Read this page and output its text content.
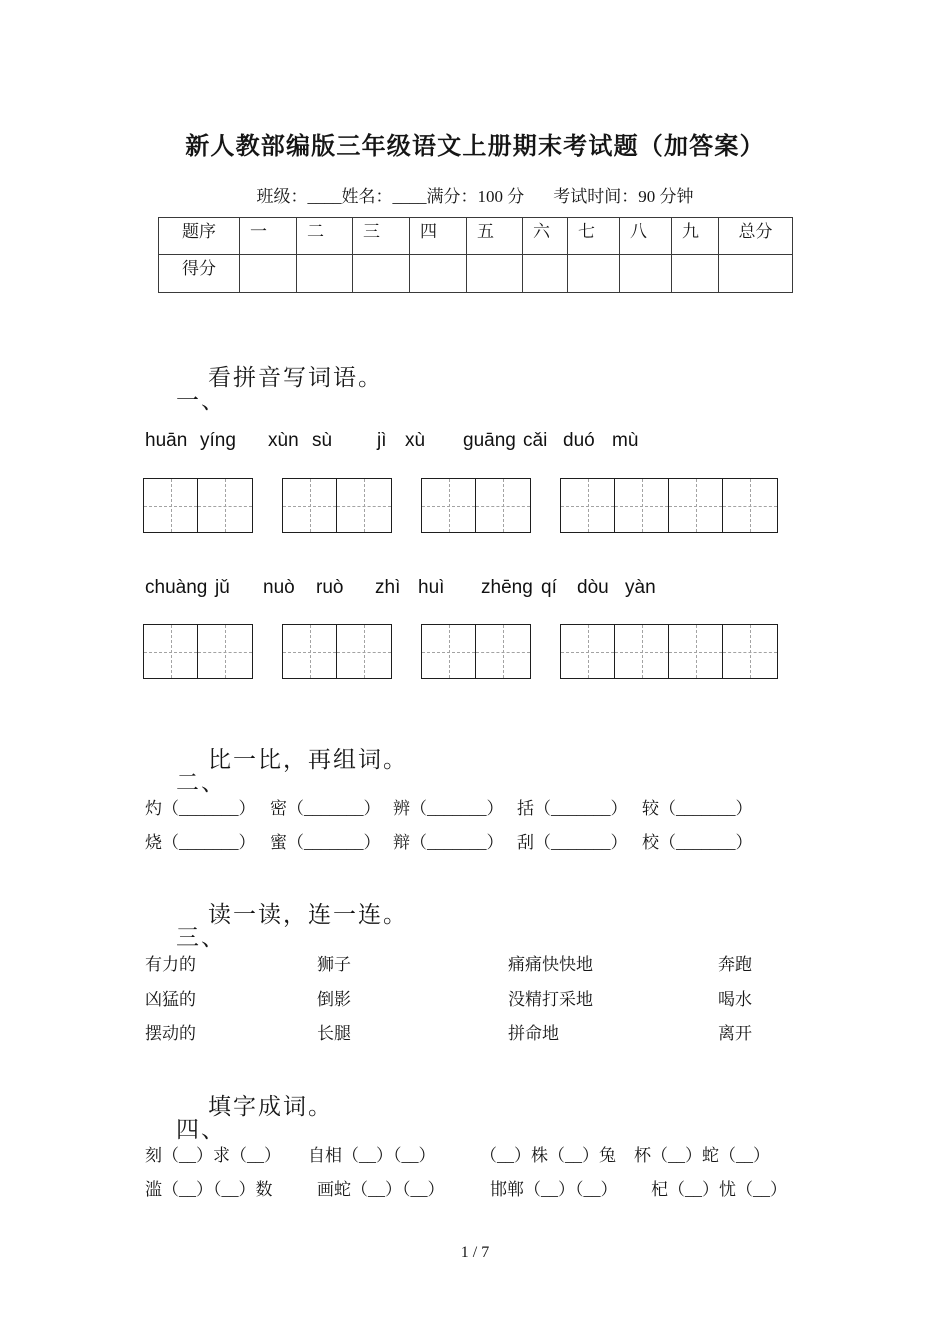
新人教部编版三年级语文上册期末考试题（加答案）
班级：____ 姓名：____ 满分：100 分 考试时间：90 分钟
题序	一	二	三	四	五	六	七	八	九	总分
得分										

一、

看拼音写词语。

huān yíng xùn sù jì xù guāng cǎi duó mù
chuàng jǔ nuò ruò zhì huì zhēng qí dòu yàn

二、

比一比，再组词。

灼（_______） 密（_______） 辨（_______） 括（_______） 较（_______）
烧（_______） 蜜（_______） 辩（_______） 刮（_______） 校（_______）

三、

读一读，连一连。

有力的	狮子	痛痛快快地	奔跑
凶猛的	倒影	没精打采地	喝水
摆动的	长腿	拼命地	离开

四、

填字成词。

刻（__）求（__） 自相（__）（__）	（__）株（__）兔 杯（__）蛇（__）
滥（__）（__）数	画蛇（__）（__）	邯郸（__）（__） 杞（__）忧（__）
1 / 7
